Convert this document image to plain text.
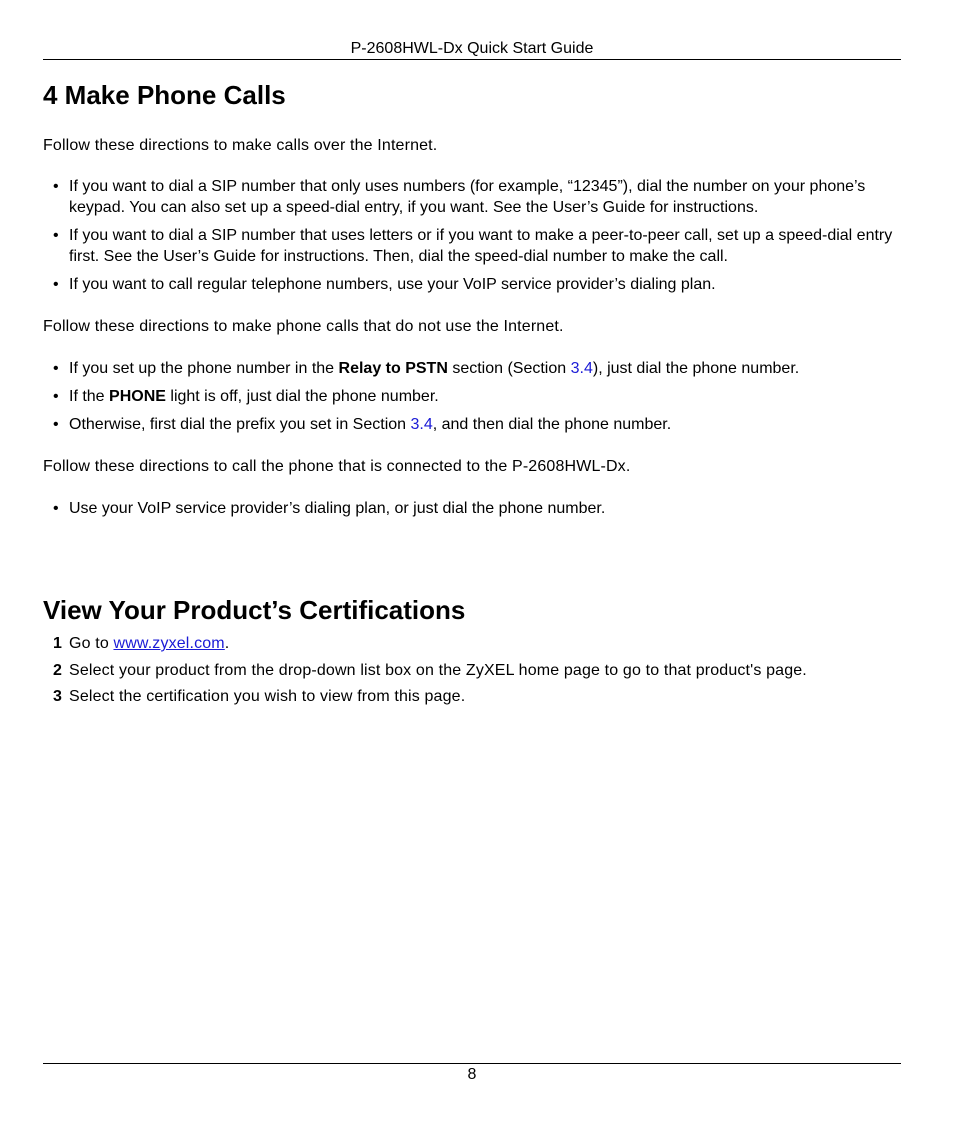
P-2608HWL-Dx Quick Start Guide
4 Make Phone Calls

Follow these directions to make calls over the Internet.

• If you want to dial a SIP number that only uses numbers (for example, “12345”), dial the number on your phone’s keypad. You can also set up a speed-dial entry, if you want. See the User’s Guide for instructions.
• If you want to dial a SIP number that uses letters or if you want to make a peer-to-peer call, set up a speed-dial entry first. See the User’s Guide for instructions. Then, dial the speed-dial number to make the call.
• If you want to call regular telephone numbers, use your VoIP service provider’s dialing plan.

Follow these directions to make phone calls that do not use the Internet.

• If you set up the phone number in the Relay to PSTN section (Section 3.4), just dial the phone number.
• If the PHONE light is off, just dial the phone number.
• Otherwise, first dial the prefix you set in Section 3.4, and then dial the phone number.

Follow these directions to call the phone that is connected to the P-2608HWL-Dx.

• Use your VoIP service provider’s dialing plan, or just dial the phone number.
View Your Product’s Certifications
1 Go to www.zyxel.com.
2 Select your product from the drop-down list box on the ZyXEL home page to go to that product's page.
3 Select the certification you wish to view from this page.
8
